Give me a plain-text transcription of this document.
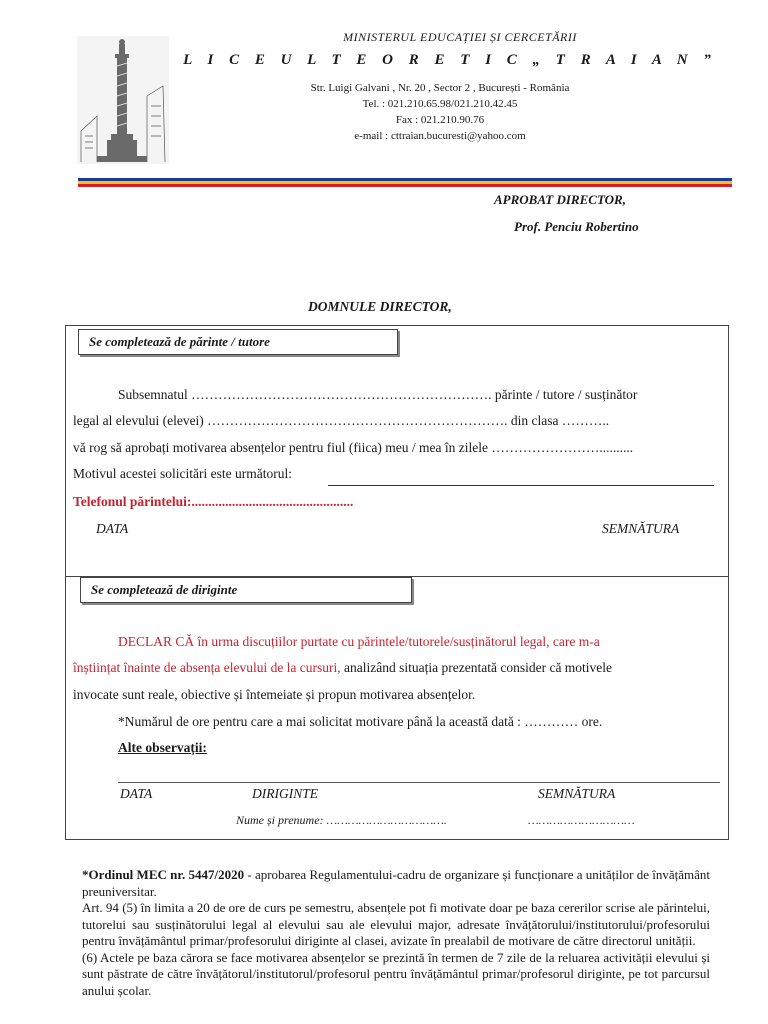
MINISTERUL EDUCAȚIEI ȘI CERCETĂRII
L I C E U L T E O R E T I C „ T R A I A N ”
Str. Luigi Galvani , Nr. 20 , Sector 2 , București - România
Tel. : 021.210.65.98/021.210.42.45
Fax : 021.210.90.76
e-mail : cttraian.bucuresti@yahoo.com
APROBAT DIRECTOR,
Prof. Penciu Robertino
DOMNULE DIRECTOR,
Se completează de părinte / tutore
Subsemnatul …………………………………………………………. părinte / tutore / susținător
legal al elevului (elevei) …………………………………………………………. din clasa ………..
vă rog să aprobați motivarea absențelor pentru fiul (fiica) meu / mea în zilele ……………………..........
Motivul acestei solicitări este următorul:
Telefonul părintelui:................................................
DATA	SEMNĂTURA
Se completează de diriginte
DECLAR CĂ în urma discuțiilor purtate cu părintele/tutorele/susținătorul legal, care m-a
înștiințat înainte de absența elevului de la cursuri, analizând situația prezentată consider că motivele
invocate sunt reale, obiective și întemeiate și propun motivarea absențelor.
*Numărul de ore pentru care a mai solicitat motivare până la această dată : ………… ore.
Alte observații:
DATA	DIRIGINTE	SEMNĂTURA
Nume și prenume: …………………………….	…………………………

*Ordinul MEC nr. 5447/2020 - aprobarea Regulamentului-cadru de organizare și funcționare a unităților de învățământ preuniversitar.

Art. 94 (5) în limita a 20 de ore de curs pe semestru, absențele pot fi motivate doar pe baza cererilor scrise ale părintelui, tutorelui sau susținătorului legal al elevului sau ale elevului major, adresate învățătorului/institutorului/profesorului pentru învățământul primar/profesorului diriginte al clasei, avizate în prealabil de motivare de către directorul unității.

(6) Actele pe baza cărora se face motivarea absențelor se prezintă în termen de 7 zile de la reluarea activității elevului și sunt păstrate de către învățătorul/institutorul/profesorul pentru învățământul primar/profesorul diriginte, pe tot parcursul anului școlar.
